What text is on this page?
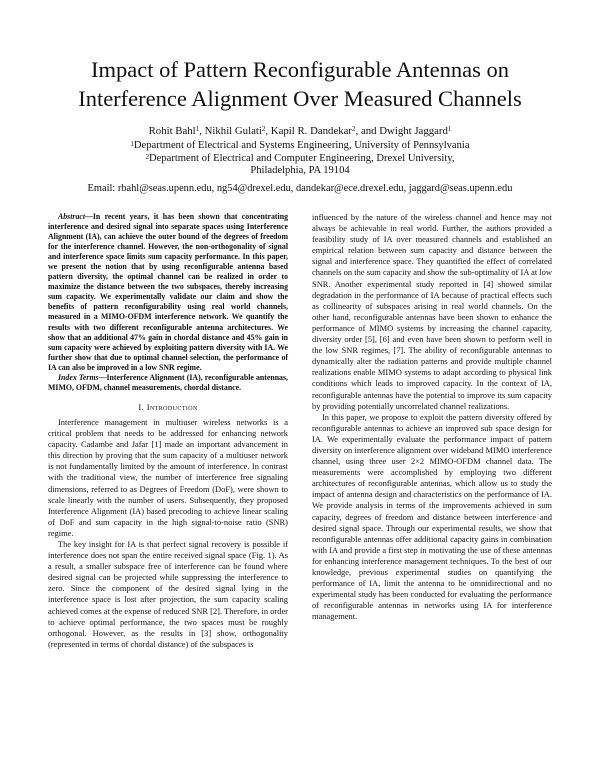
Impact of Pattern Reconfigurable Antennas on
Interference Alignment Over Measured Channels
Rohit Bahl$^1$, Nikhil Gulati$^2$, Kapil R. Dandekar$^2$, and Dwight Jaggard$^1$
$^1$Department of Electrical and Systems Engineering, University of Pennsylvania
$^2$Department of Electrical and Computer Engineering, Drexel University,
Philadelphia, PA 19104
Email: rbahl@seas.upenn.edu, ng54@drexel.edu, dandekar@ece.drexel.edu, jaggard@seas.upenn.edu

Abstract—In recent years, it has been shown that concentrating interference and desired signal into separate spaces using Interference Alignment (IA), can achieve the outer bound of the degrees of freedom for the interference channel. However, the non-orthogonality of signal and interference space limits sum capacity performance. In this paper, we present the notion that by using reconfigurable antenna based pattern diversity, the optimal channel can be realized in order to maximize the distance between the two subspaces, thereby increasing sum capacity. We experimentally validate our claim and show the benefits of pattern reconfigurability using real world channels, measured in a MIMO-OFDM interference network. We quantify the results with two different reconfigurable antenna architectures. We show that an additional 47% gain in chordal distance and 45% gain in sum capacity were achieved by exploiting pattern diversity with IA. We further show that due to optimal channel selection, the performance of IA can also be improved in a low SNR regime.

Index Terms—Interference Alignment (IA), reconfigurable antennas, MIMO, OFDM, channel measurements, chordal distance.

I. Introduction

Interference management in multiuser wireless networks is a critical problem that needs to be addressed for enhancing network capacity. Cadambe and Jafar [1] made an important advancement in this direction by proving that the sum capacity of a multiuser network is not fundamentally limited by the amount of interference. In contrast with the traditional view, the number of interference free signaling dimensions, referred to as Degrees of Freedom (DoF), were shown to scale linearly with the number of users. Subsequently, they proposed Interference Alignment (IA) based precoding to achieve linear scaling of DoF and sum capacity in the high signal-to-noise ratio (SNR) regime.

The key insight for IA is that perfect signal recovery is possible if interference does not span the entire received signal space (Fig. 1). As a result, a smaller subspace free of interference can be found where desired signal can be projected while suppressing the interference to zero. Since the component of the desired signal lying in the interference space is lost after projection, the sum capacity scaling achieved comes at the expense of reduced SNR [2]. Therefore, in order to achieve optimal performance, the two spaces must be roughly orthogonal. However, as the results in [3] show, orthogonality (represented in terms of chordal distance) of the subspaces is

influenced by the nature of the wireless channel and hence may not always be achievable in real world. Further, the authors provided a feasibility study of IA over measured channels and established an empirical relation between sum capacity and distance between the signal and interference space. They quantified the effect of correlated channels on the sum capacity and show the sub-optimality of IA at low SNR. Another experimental study reported in [4] showed similar degradation in the performance of IA because of practical effects such as collinearity of subspaces arising in real world channels. On the other hand, reconfigurable antennas have been shown to enhance the performance of MIMO systems by increasing the channel capacity, diversity order [5], [6] and even have been shown to perform well in the low SNR regimes, [7]. The ability of reconfigurable antennas to dynamically alter the radiation patterns and provide multiple channel realizations enable MIMO systems to adapt according to physical link conditions which leads to improved capacity. In the context of IA, reconfigurable antennas have the potential to improve its sum capacity by providing potentially uncorrelated channel realizations.

In this paper, we propose to exploit the pattern diversity offered by reconfigurable antennas to achieve an improved sub space design for IA. We experimentally evaluate the performance impact of pattern diversity on interference alignment over wideband MIMO interference channel, using three user 2×2 MIMO-OFDM channel data. The measurements were accomplished by employing two different architectures of reconfigurable antennas, which allow us to study the impact of antenna design and characteristics on the performance of IA. We provide analysis in terms of the improvements achieved in sum capacity, degrees of freedom and distance between interference and desired signal space. Through our experimental results, we show that reconfigurable antennas offer additional capacity gains in combination with IA and provide a first step in motivating the use of these antennas for enhancing interference management techniques. To the best of our knowledge, previous experimental studies on quantifying the performance of IA, limit the antenna to be omnidirectional and no experimental study has been conducted for evaluating the performance of reconfigurable antennas in networks using IA for interference management.
